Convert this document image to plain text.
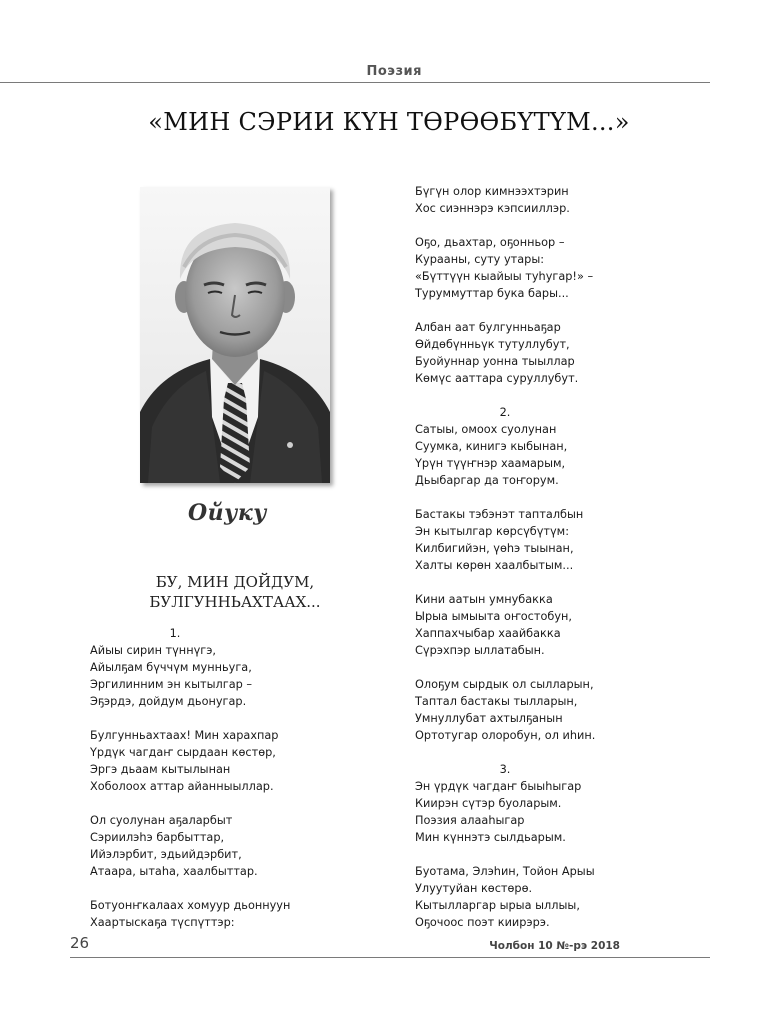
Поэзия
«МИН СЭРИИ КҮН ТӨРӨӨБҮТҮМ...»
Ойуку
БУ, МИН ДОЙДУМ,
БУЛГУННЬАХТААХ...
1.
Айыы сирин түннүгэ,
Айылҕам бүччүм мунньуга,
Эргилинним эн кытылгар –
Эҕэрдэ, дойдум дьонугар.
Булгунньахтаах! Мин харахпар
Үрдүк чагдаҥ сырдаан көстөр,
Эргэ дьаам кытылынан
Хоболоох аттар айанныыллар.
Ол суолунан аҕаларбыт
Сэриилэһэ барбыттар,
Ийэлэрбит, эдьийдэрбит,
Атаара, ытаһа, хаалбыттар.
Ботуонҥкалаах хомуур дьоннуун
Хаартыскаҕа түспүттэр:
Бүгүн олор кимнээхтэрин
Хос сиэннэрэ кэпсииллэр.
Оҕо, дьахтар, оҕонньор –
Курааны, суту утары:
«Бүттүүн кыайыы туһугар!» –
Туруммуттар бука бары...
Албан аат булгунньаҕар
Өйдөбүнньүк тутуллубут,
Буойуннар уонна тыыллар
Көмүс ааттара суруллубут.
2.
Сатыы, омоох суолунан
Суумка, кинигэ кыбынан,
Үрүн түүҥнэр хаамарым,
Дьыбаргар да тоҥорум.
Бастакы тэбэнэт тапталбын
Эн кытылгар көрсүбүтүм:
Килбигийэн, үөһэ тыынан,
Халты көрөн хаалбытым...
Кини аатын умнубакка
Ырыа ымыыта оҥостобун,
Хаппахчыбар хаайбакка
Сүрэхпэр ыллатабын.
Олоҕум сырдык ол сылларын,
Таптал бастакы тылларын,
Умнуллубат ахтылҕанын
Ортотугар олоробун, ол иһин.
3.
Эн үрдүк чагдаҥ быыһыгар
Киирэн сүтэр буоларым.
Поэзия алааһыгар
Мин күннэтэ сылдьарым.
Буотама, Элэһин, Тойон Арыы
Улуутуйан көстөрө.
Кытылларгар ырыа ыллыы,
Оҕочоос поэт киирэрэ.
26	Чолбон 10 №-рэ 2018
